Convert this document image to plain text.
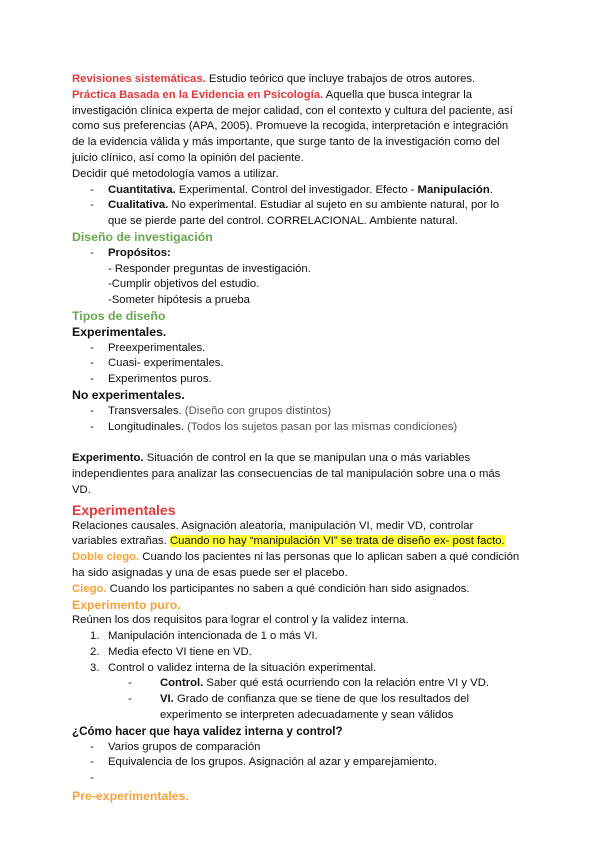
Revisiones sistemáticas. Estudio teórico que incluye trabajos de otros autores.

Práctica Basada en la Evidencia en Psicología. Aquella que busca integrar la investigación clínica experta de mejor calidad, con el contexto y cultura del paciente, así como sus preferencias (APA, 2005). Promueve la recogida, interpretación e integración de la evidencia válida y más importante, que surge tanto de la investigación como del juicio clínico, así como la opinión del paciente.

Decidir qué metodología vamos a utilizar.

- Cuantitativa. Experimental. Control del investigador. Efecto - Manipulación.
- Cualitativa. No experimental. Estudiar al sujeto en su ambiente natural, por lo que se pierde parte del control. CORRELACIONAL. Ambiente natural.

Diseño de investigación

- Propósitos:

- Responder preguntas de investigación.

-Cumplir objetivos del estudio.

-Someter hipótesis a prueba

Tipos de diseño

Experimentales.

- Preexperimentales.
- Cuasi- experimentales.
- Experimentos puros.

No experimentales.

- Transversales. (Diseño con grupos distintos)
- Longitudinales. (Todos los sujetos pasan por las mismas condiciones)

Experimento. Situación de control en la que se manipulan una o más variables independientes para analizar las consecuencias de tal manipulación sobre una o más VD.

Experimentales

Relaciones causales. Asignación aleatoria, manipulación VI, medir VD, controlar variables extrañas. Cuando no hay “manipulación VI” se trata de diseño ex- post facto.

Doble ciego. Cuando los pacientes ni las personas que lo aplican saben a qué condición ha sido asignadas y una de esas puede ser el placebo.

Ciego. Cuando los participantes no saben a qué condición han sido asignados.

Experimento puro.

Reúnen los dos requisitos para lograr el control y la validez interna.

1. Manipulación intencionada de 1 o más VI.
2. Media efecto VI tiene en VD.
3. Control o validez interna de la situación experimental.
- Control. Saber qué está ocurriendo con la relación entre VI y VD.
- VI. Grado de confianza que se tiene de que los resultados del experimento se interpreten adecuadamente y sean válidos

¿Cómo hacer que haya validez interna y control?

- Varios grupos de comparación
- Equivalencia de los grupos. Asignación al azar y emparejamiento.
-

Pre-experimentales.
